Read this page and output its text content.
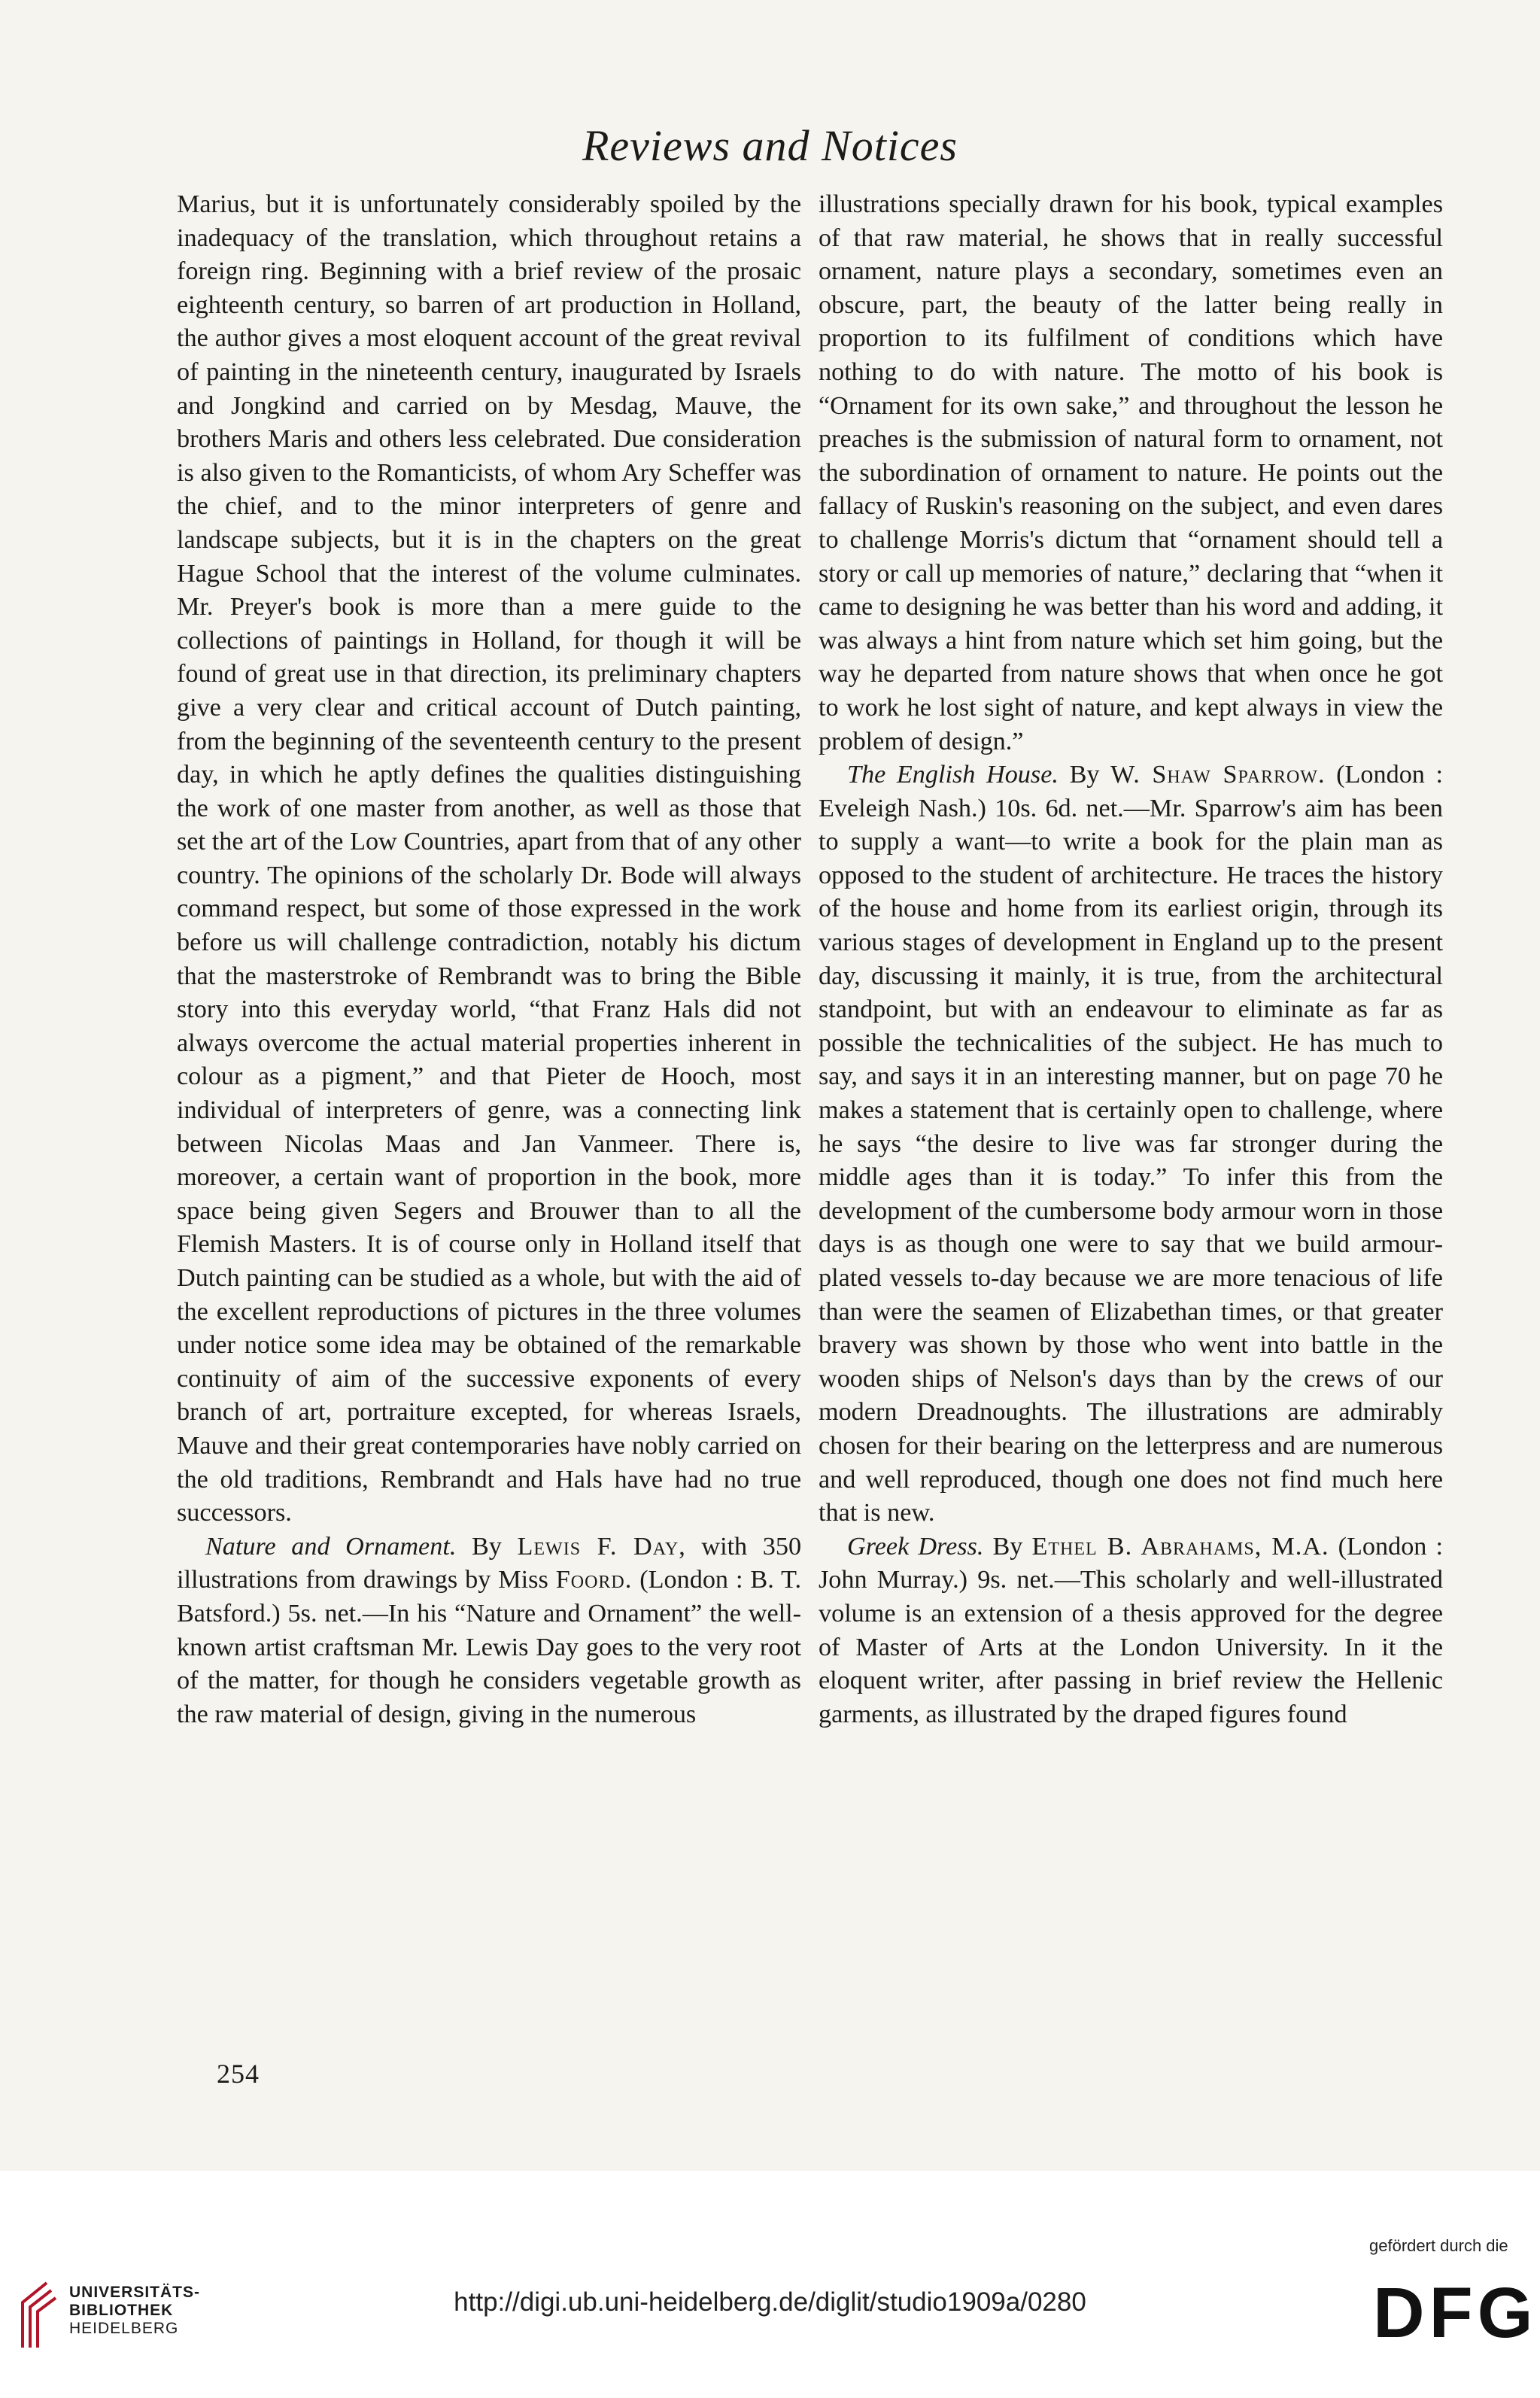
Reviews and Notices

Marius, but it is unfortunately considerably spoiled by the inadequacy of the translation, which throughout retains a foreign ring. Beginning with a brief review of the prosaic eighteenth century, so barren of art production in Holland, the author gives a most eloquent account of the great revival of painting in the nineteenth century, inaugurated by Israels and Jongkind and carried on by Mesdag, Mauve, the brothers Maris and others less celebrated. Due consideration is also given to the Romanticists, of whom Ary Scheffer was the chief, and to the minor interpreters of genre and landscape subjects, but it is in the chapters on the great Hague School that the interest of the volume culminates. Mr. Preyer's book is more than a mere guide to the collections of paintings in Holland, for though it will be found of great use in that direction, its preliminary chapters give a very clear and critical account of Dutch painting, from the beginning of the seventeenth century to the present day, in which he aptly defines the qualities distinguishing the work of one master from another, as well as those that set the art of the Low Countries, apart from that of any other country. The opinions of the scholarly Dr. Bode will always command respect, but some of those expressed in the work before us will challenge contradiction, notably his dictum that the masterstroke of Rembrandt was to bring the Bible story into this everyday world, “that Franz Hals did not always overcome the actual material properties inherent in colour as a pigment,” and that Pieter de Hooch, most individual of interpreters of genre, was a connecting link between Nicolas Maas and Jan Vanmeer. There is, moreover, a certain want of proportion in the book, more space being given Segers and Brouwer than to all the Flemish Masters. It is of course only in Holland itself that Dutch painting can be studied as a whole, but with the aid of the excellent reproductions of pictures in the three volumes under notice some idea may be obtained of the remarkable continuity of aim of the successive exponents of every branch of art, portraiture excepted, for whereas Israels, Mauve and their great contemporaries have nobly carried on the old traditions, Rembrandt and Hals have had no true successors.

Nature and Ornament. By Lewis F. Day, with 350 illustrations from drawings by Miss Foord. (London : B. T. Batsford.) 5s. net.—In his “Nature and Ornament” the well-known artist craftsman Mr. Lewis Day goes to the very root of the matter, for though he considers vegetable growth as the raw material of design, giving in the numerous

illustrations specially drawn for his book, typical examples of that raw material, he shows that in really successful ornament, nature plays a secondary, sometimes even an obscure, part, the beauty of the latter being really in proportion to its fulfilment of conditions which have nothing to do with nature. The motto of his book is “Ornament for its own sake,” and throughout the lesson he preaches is the submission of natural form to ornament, not the subordination of ornament to nature. He points out the fallacy of Ruskin's reasoning on the subject, and even dares to challenge Morris's dictum that “ornament should tell a story or call up memories of nature,” declaring that “when it came to designing he was better than his word and adding, it was always a hint from nature which set him going, but the way he departed from nature shows that when once he got to work he lost sight of nature, and kept always in view the problem of design.”

The English House. By W. Shaw Sparrow. (London : Eveleigh Nash.) 10s. 6d. net.—Mr. Sparrow's aim has been to supply a want—to write a book for the plain man as opposed to the student of architecture. He traces the history of the house and home from its earliest origin, through its various stages of development in England up to the present day, discussing it mainly, it is true, from the architectural standpoint, but with an endeavour to eliminate as far as possible the technicalities of the subject. He has much to say, and says it in an interesting manner, but on page 70 he makes a statement that is certainly open to challenge, where he says “the desire to live was far stronger during the middle ages than it is today.” To infer this from the development of the cumbersome body armour worn in those days is as though one were to say that we build armour-plated vessels to-day because we are more tenacious of life than were the seamen of Elizabethan times, or that greater bravery was shown by those who went into battle in the wooden ships of Nelson's days than by the crews of our modern Dreadnoughts. The illustrations are admirably chosen for their bearing on the letterpress and are numerous and well reproduced, though one does not find much here that is new.

Greek Dress. By Ethel B. Abrahams, M.A. (London : John Murray.) 9s. net.—This scholarly and well-illustrated volume is an extension of a thesis approved for the degree of Master of Arts at the London University. In it the eloquent writer, after passing in brief review the Hellenic garments, as illustrated by the draped figures found

254
UNIVERSITÄTS-
BIBLIOTHEK
HEIDELBERG
http://digi.ub.uni-heidelberg.de/diglit/studio1909a/0280
gefördert durch die
DFG
